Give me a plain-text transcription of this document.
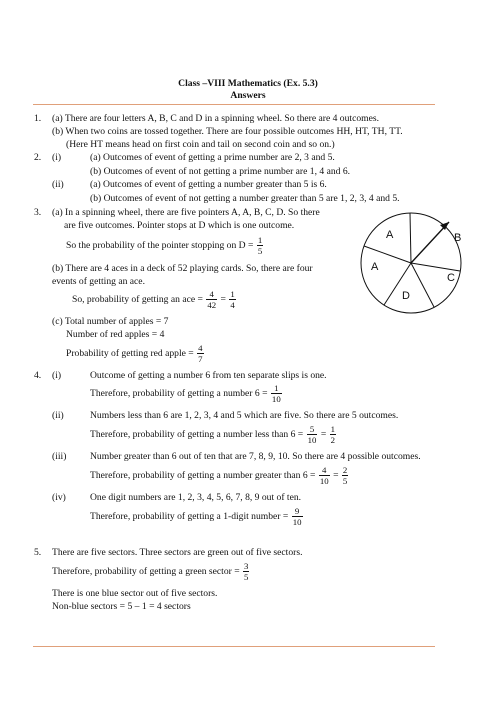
Class –VIII Mathematics (Ex. 5.3)
Answers
1. (a) There are four letters A, B, C and D in a spinning wheel. So there are 4 outcomes.
(b) When two coins are tossed together. There are four possible outcomes HH, HT, TH, TT.
(Here HT means head on first coin and tail on second coin and so on.)
2. (i)	(a) Outcomes of event of getting a prime number are 2, 3 and 5.
(b) Outcomes of event of not getting a prime number are 1, 4 and 6.
(ii)	(a) Outcomes of event of getting a number greater than 5 is 6.
(b) Outcomes of event of not getting a number greater than 5 are 1, 2, 3, 4 and 5.
3. (a) In a spinning wheel, there are five pointers A, A, B, C, D. So there
are five outcomes. Pointer stops at D which is one outcome.
So the probability of the pointer stopping on $D = \frac{1}{5}$
(b) There are 4 aces in a deck of 52 playing cards. So, there are four
events of getting an ace.
So, probability of getting an ace = $\frac{4}{42} = \frac{1}{4}$
(c) Total number of apples = 7
Number of red apples = 4
Probability of getting red apple = $\frac{4}{7}$
A	B
C
D
A
4. (i)	Outcome of getting a number 6 from ten separate slips is one.
Therefore, probability of getting a number $6 = \frac{1}{10}$
(ii)	Numbers less than 6 are 1, 2, 3, 4 and 5 which are five. So there are 5 outcomes.
Therefore, probability of getting a number less than $6 = \frac{5}{10} = \frac{1}{2}$
(iii) Number greater than 6 out of ten that are 7, 8, 9, 10. So there are 4 possible outcomes.
Therefore, probability of getting a number greater than $6 = \frac{4}{10} = \frac{2}{5}$
(iv)	One digit numbers are 1, 2, 3, 4, 5, 6, 7, 8, 9 out of ten.
Therefore, probability of getting a 1-digit number = $\frac{9}{10}$
5. There are five sectors. Three sectors are green out of five sectors.
Therefore, probability of getting a green sector = $\frac{3}{5}$
There is one blue sector out of five sectors.
Non-blue sectors = 5 – 1 = 4 sectors
